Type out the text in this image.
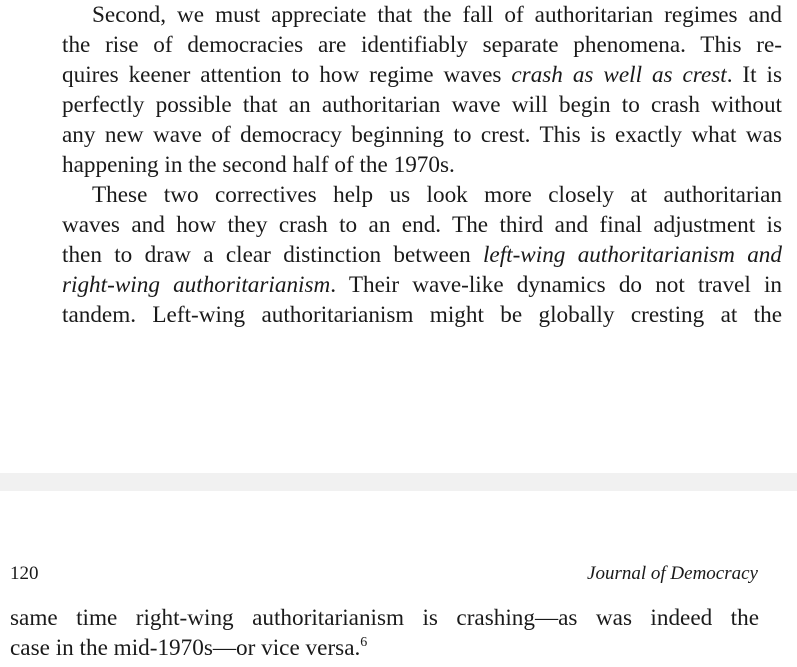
Second, we must appreciate that the fall of authoritarian regimes and
the rise of democracies are identifiably separate phenomena. This re-
quires keener attention to how regime waves crash as well as crest. It is
perfectly possible that an authoritarian wave will begin to crash without
any new wave of democracy beginning to crest. This is exactly what was
happening in the second half of the 1970s.
These two correctives help us look more closely at authoritarian
waves and how they crash to an end. The third and final adjustment is
then to draw a clear distinction between left-wing authoritarianism and
right-wing authoritarianism. Their wave-like dynamics do not travel in
tandem. Left-wing authoritarianism might be globally cresting at the
120	Journal of Democracy
same time right-wing authoritarianism is crashing—as was indeed the
case in the mid-1970s—or vice versa.$^6$
